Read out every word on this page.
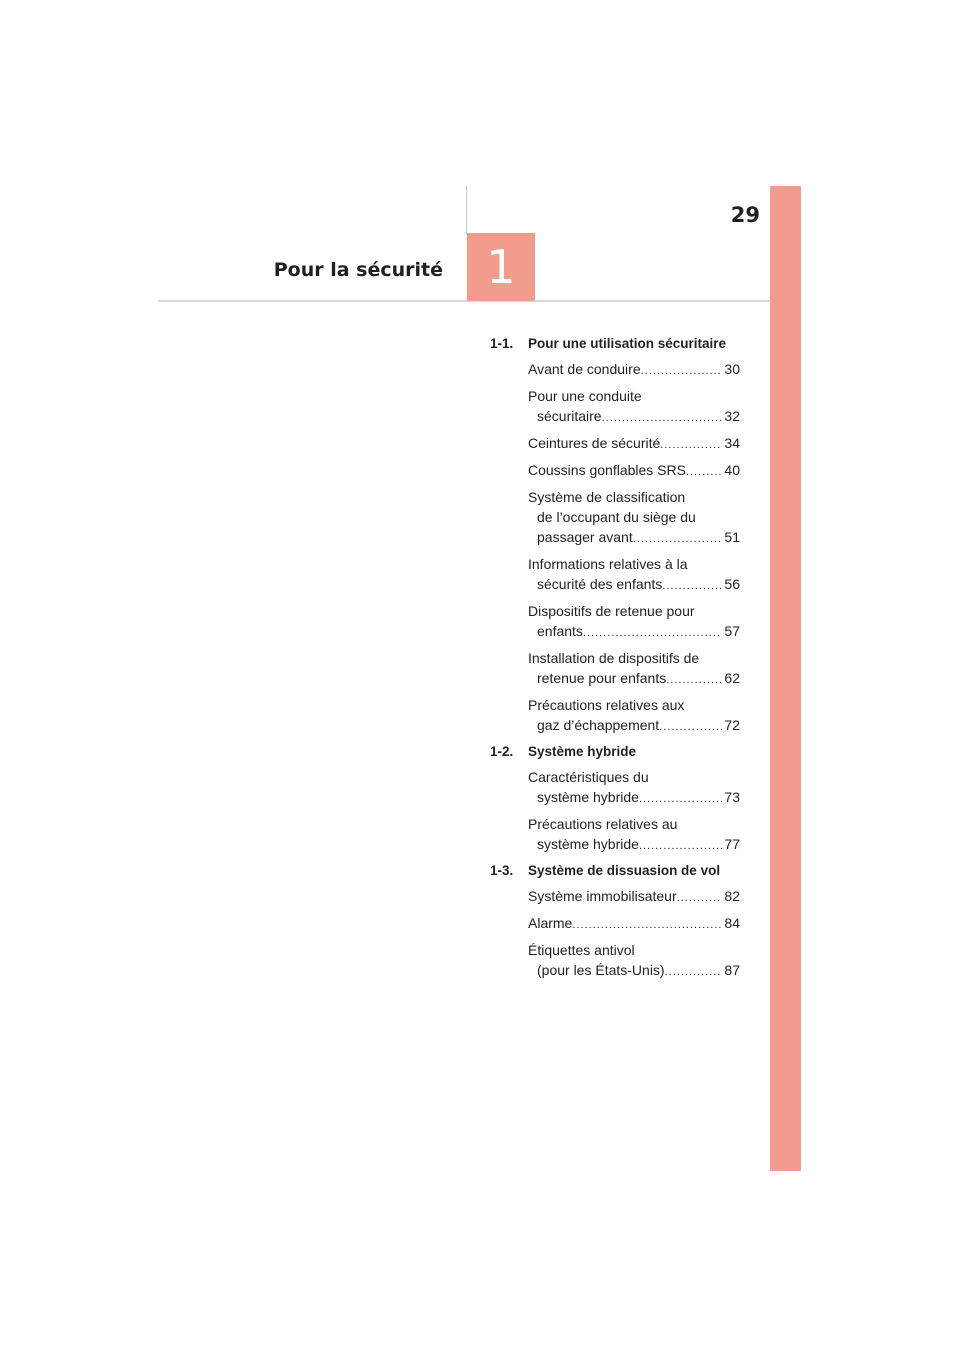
29
1
Pour la sécurité
1-1.	Pour une utilisation sécuritaire
Avant de conduire .....	30
Pour une conduite
sécuritaire .....	32
Ceintures de sécurité .....	34
Coussins gonflables SRS .....	40
Système de classification
de l’occupant du siège du
passager avant .....	51
Informations relatives à la
sécurité des enfants .....	56
Dispositifs de retenue pour
enfants .....	57
Installation de dispositifs de
retenue pour enfants .....	62
Précautions relatives aux
gaz d’échappement .....	72
1-2.	Système hybride
Caractéristiques du
système hybride .....	73
Précautions relatives au
système hybride .....	77
1-3.	Système de dissuasion de vol
Système immobilisateur .....	82
Alarme .....	84
Étiquettes antivol
(pour les États-Unis) .....	87
